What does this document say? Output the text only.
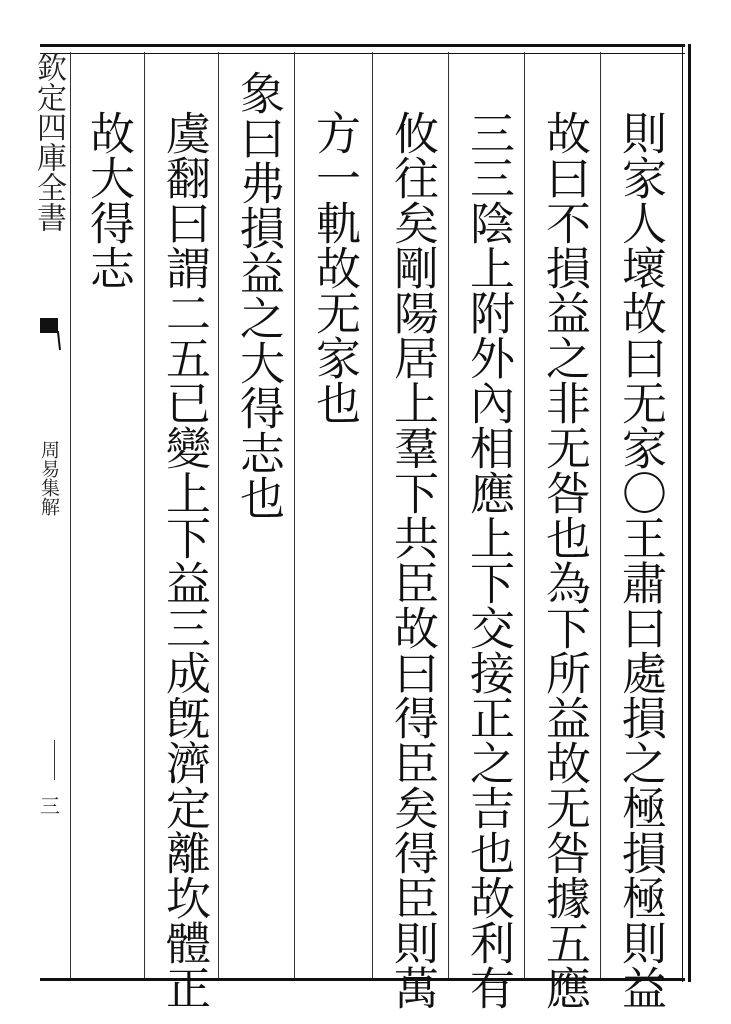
欽定四庫全書
周易集解
三	則家人壞故曰无家〇王肅曰處損之極損極則益
故曰不損益之非无咎也為下所益故无咎據五應
三三陰上附外內相應上下交接正之吉也故利有
攸往矣剛陽居上羣下共臣故曰得臣矣得臣則萬
方一軌故无家也
象曰弗損益之大得志也
虞翻曰謂二五已變上下益三成旣濟定離坎體正
故大得志
